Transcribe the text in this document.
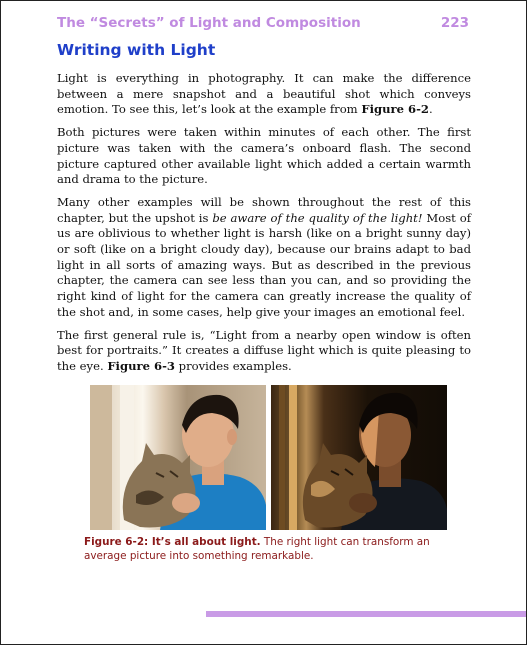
The “Secrets” of Light and Composition	223
Writing with Light

Light is everything in photography. It can make the difference between a mere snapshot and a beautiful shot which conveys emotion. To see this, let’s look at the example from Figure 6-2.

Both pictures were taken within minutes of each other. The first picture was taken with the camera’s onboard flash. The second picture captured other available light which added a certain warmth and drama to the picture.

Many other examples will be shown throughout the rest of this chapter, but the upshot is be aware of the quality of the light! Most of us are oblivious to whether light is harsh (like on a bright sunny day) or soft (like on a bright cloudy day), because our brains adapt to bad light in all sorts of amazing ways. But as described in the previous chapter, the camera can see less than you can, and so providing the right kind of light for the camera can greatly increase the quality of the shot and, in some cases, help give your images an emotional feel.

The first general rule is, “Light from a nearby open window is often best for portraits.” It creates a diffuse light which is quite pleasing to the eye. Figure 6-3 provides examples.

Figure 6-2: It’s all about light. The right light can transform an average picture into something remarkable.
